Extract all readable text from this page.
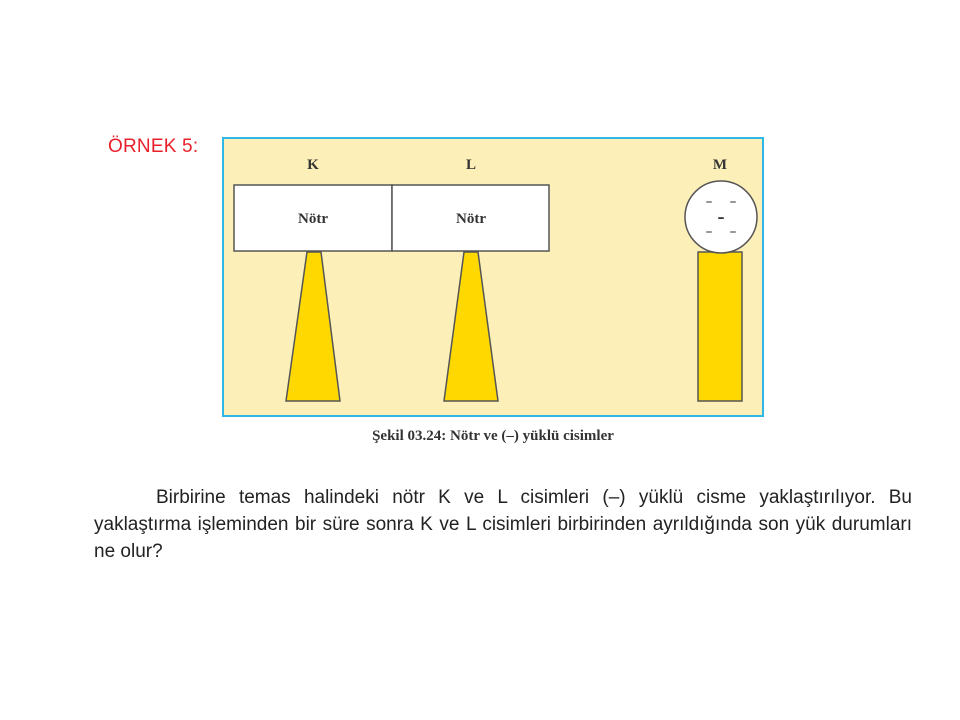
ÖRNEK 5:
K	L	M
Nötr	Nötr
– –
–
– –
Şekil 03.24: Nötr ve (–) yüklü cisimler
Birbirine temas halindeki nötr K ve L cisimleri (–) yüklü cisme yaklaştırılıyor. Bu yaklaştırma işleminden bir süre sonra K ve L cisimleri birbirinden ayrıldığında son yük durumları ne olur?
